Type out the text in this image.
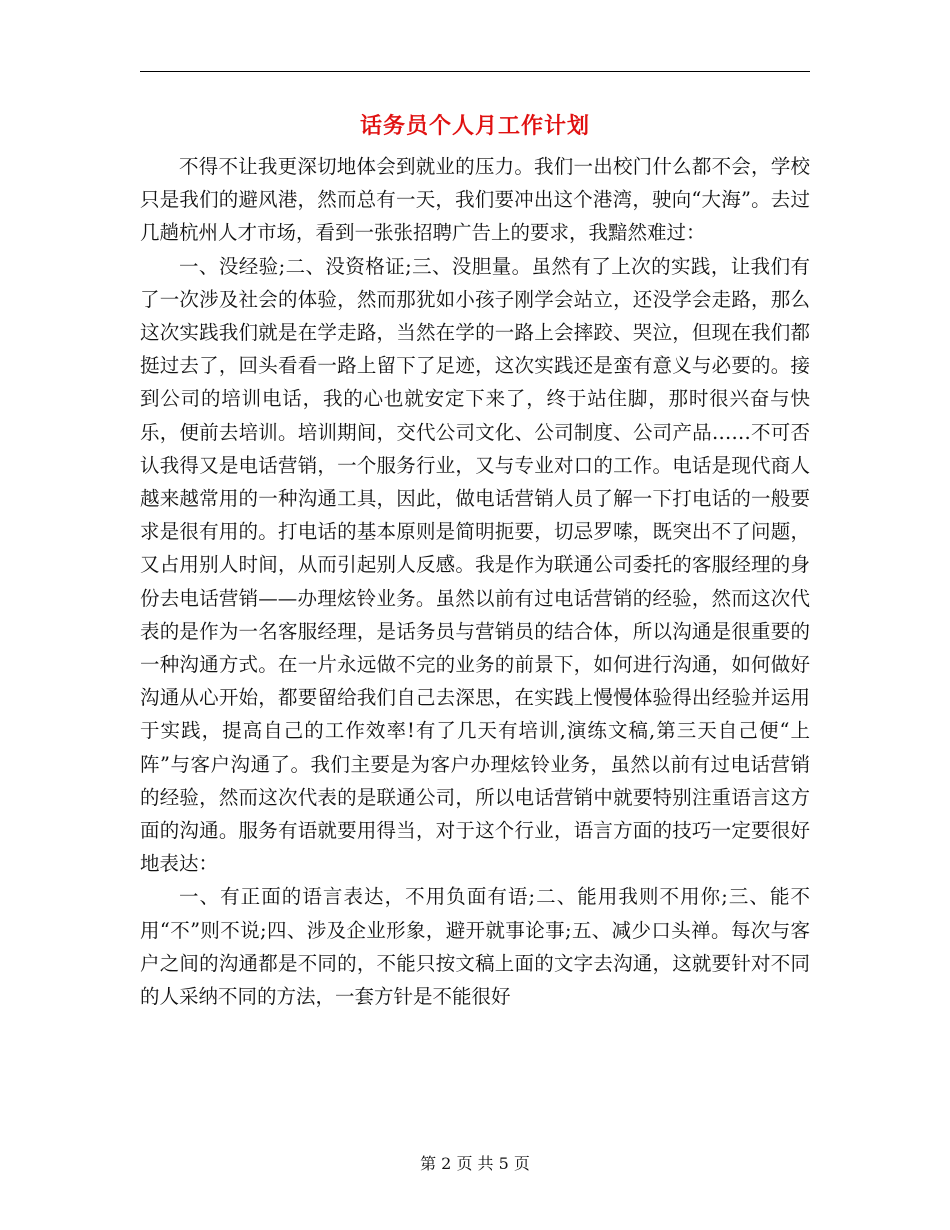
话务员个人月工作计划

不得不让我更深切地体会到就业的压力。我们一出校门什么都不会，学校只是我们的避风港，然而总有一天，我们要冲出这个港湾，驶向“大海”。去过几趟杭州人才市场，看到一张张招聘广告上的要求，我黯然难过：

一、没经验;二、没资格证;三、没胆量。虽然有了上次的实践，让我们有了一次涉及社会的体验，然而那犹如小孩子刚学会站立，还没学会走路，那么这次实践我们就是在学走路，当然在学的一路上会摔跤、哭泣，但现在我们都挺过去了，回头看看一路上留下了足迹，这次实践还是蛮有意义与必要的。接到公司的培训电话，我的心也就安定下来了，终于站住脚，那时很兴奋与快乐，便前去培训。培训期间，交代公司文化、公司制度、公司产品……不可否认我得又是电话营销，一个服务行业，又与专业对口的工作。电话是现代商人越来越常用的一种沟通工具，因此，做电话营销人员了解一下打电话的一般要求是很有用的。打电话的基本原则是简明扼要，切忌罗嗦，既突出不了问题，又占用别人时间，从而引起别人反感。我是作为联通公司委托的客服经理的身份去电话营销——办理炫铃业务。虽然以前有过电话营销的经验，然而这次代表的是作为一名客服经理，是话务员与营销员的结合体，所以沟通是很重要的一种沟通方式。在一片永远做不完的业务的前景下，如何进行沟通，如何做好沟通从心开始，都要留给我们自己去深思，在实践上慢慢体验得出经验并运用于实践，提高自己的工作效率!有了几天有培训,演练文稿,第三天自己便“上阵”与客户沟通了。我们主要是为客户办理炫铃业务，虽然以前有过电话营销的经验，然而这次代表的是联通公司，所以电话营销中就要特别注重语言这方面的沟通。服务有语就要用得当，对于这个行业，语言方面的技巧一定要很好地表达：

一、有正面的语言表达，不用负面有语;二、能用我则不用你;三、能不用“不”则不说;四、涉及企业形象，避开就事论事;五、减少口头禅。每次与客户之间的沟通都是不同的，不能只按文稿上面的文字去沟通，这就要针对不同的人采纳不同的方法，一套方针是不能很好

第 2 页 共 5 页
